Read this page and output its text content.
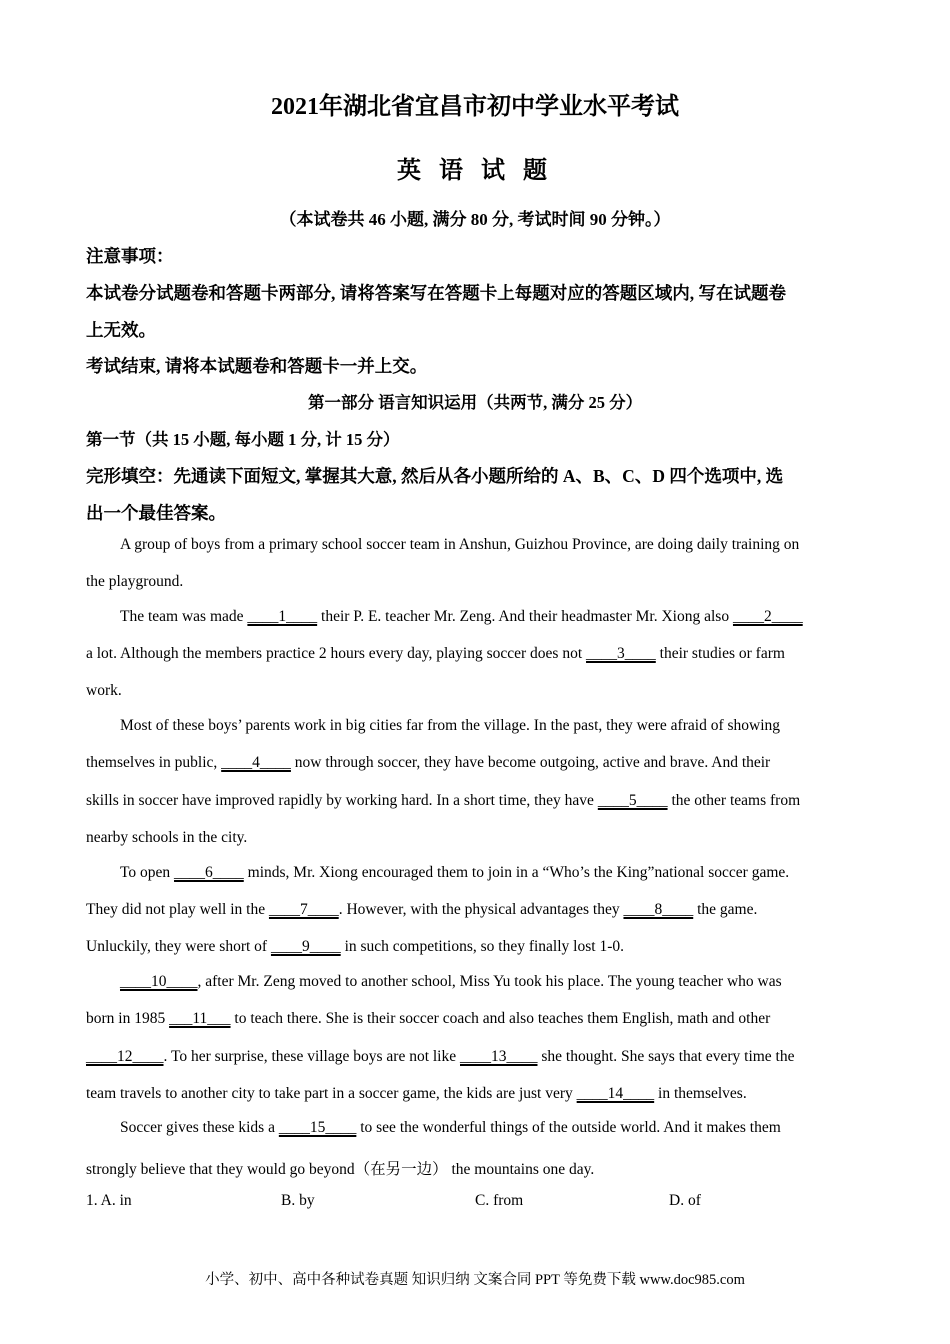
2021年湖北省宜昌市初中学业水平考试
英 语 试 题
（本试卷共 46 小题, 满分 80 分, 考试时间 90 分钟。）
注意事项：
本试卷分试题卷和答题卡两部分, 请将答案写在答题卡上每题对应的答题区域内, 写在试题卷
上无效。
考试结束, 请将本试题卷和答题卡一并上交。
第一部分 语言知识运用（共两节, 满分 25 分）
第一节（共 15 小题, 每小题 1 分, 计 15 分）
完形填空：先通读下面短文, 掌握其大意, 然后从各小题所给的 A、B、C、D 四个选项中, 选
出一个最佳答案。
A group of boys from a primary school soccer team in Anshun, Guizhou Province, are doing daily training on
the playground.
The team was made ____1____ their P. E. teacher Mr. Zeng. And their headmaster Mr. Xiong also ____2____
a lot. Although the members practice 2 hours every day, playing soccer does not ____3____ their studies or farm
work.
Most of these boys’ parents work in big cities far from the village. In the past, they were afraid of showing
themselves in public, ____4____ now through soccer, they have become outgoing, active and brave. And their
skills in soccer have improved rapidly by working hard. In a short time, they have ____5____ the other teams from
nearby schools in the city.
To open ____6____ minds, Mr. Xiong encouraged them to join in a “Who’s the King”national soccer game.
They did not play well in the ____7____. However, with the physical advantages they ____8____ the game.
Unluckily, they were short of ____9____ in such competitions, so they finally lost 1-0.
____10____, after Mr. Zeng moved to another school, Miss Yu took his place. The young teacher who was
born in 1985 ___11___ to teach there. She is their soccer coach and also teaches them English, math and other
____12____. To her surprise, these village boys are not like ____13____ she thought. She says that every time the
team travels to another city to take part in a soccer game, the kids are just very ____14____ in themselves.
Soccer gives these kids a ____15____ to see the wonderful things of the outside world. And it makes them
strongly believe that they would go beyond（在另一边） the mountains one day.
1. A. in	B. by	C. from	D. of
小学、初中、高中各种试卷真题 知识归纳 文案合同 PPT 等免费下载 www.doc985.com
